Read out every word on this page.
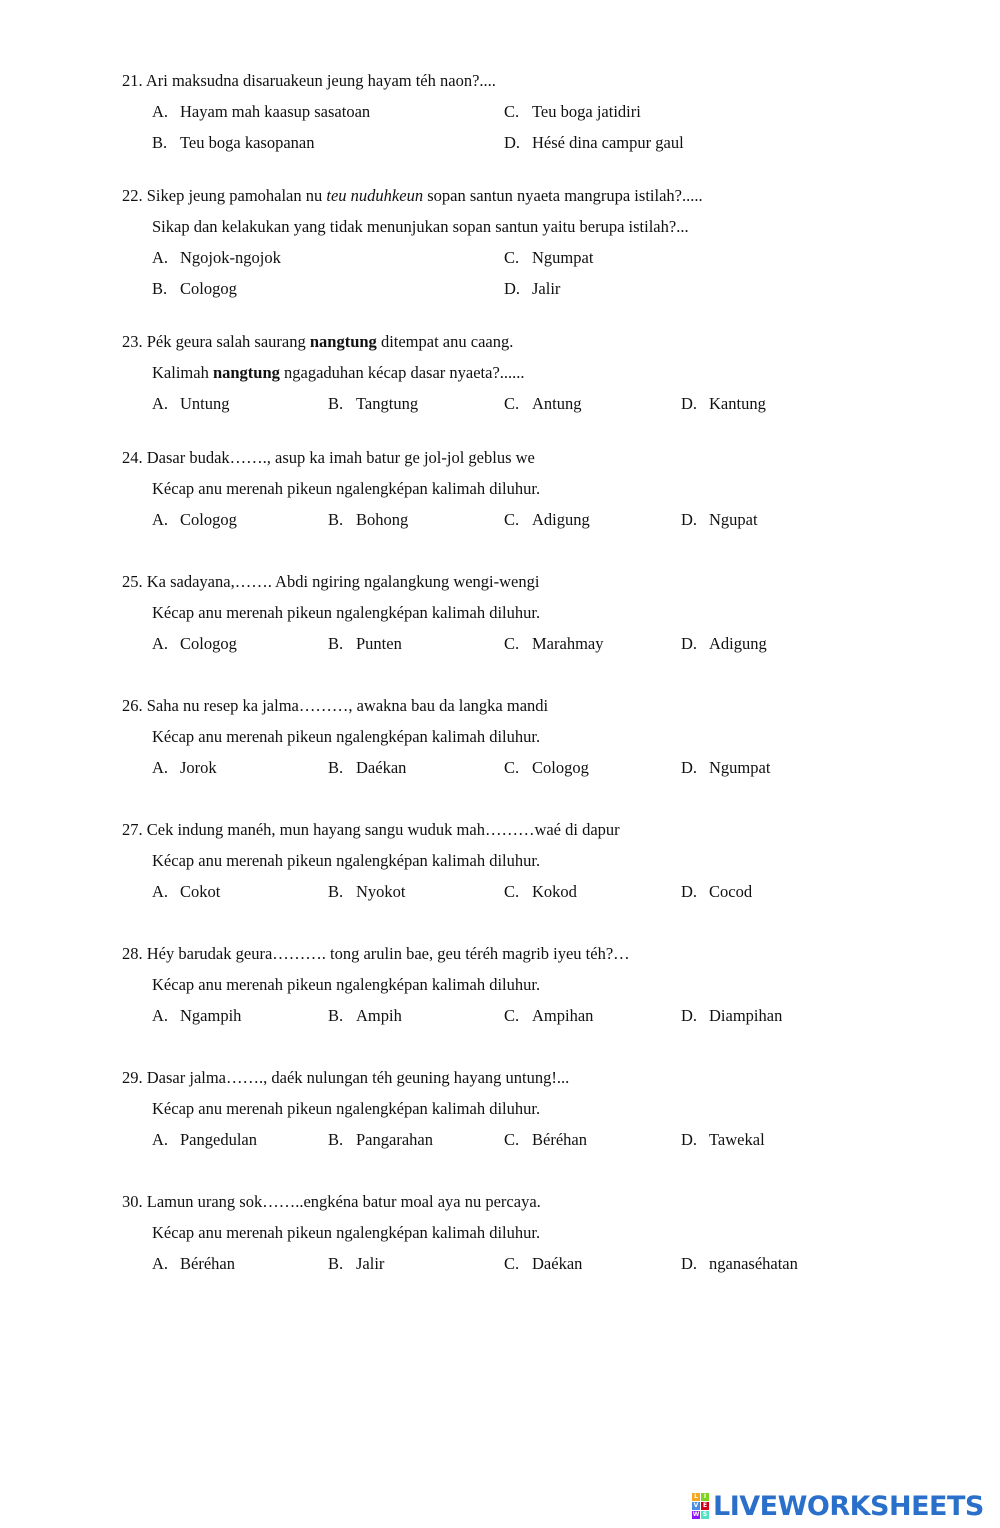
21. Ari maksudna disaruakeun jeung hayam téh naon?....
A. Hayam mah kaasup sasatoan	C. Teu boga jatidiri
B. Teu boga kasopanan	D. Hésé dina campur gaul
22. Sikep jeung pamohalan nu teu nuduhkeun sopan santun nyaeta mangrupa istilah?.....
Sikap dan kelakukan yang tidak menunjukan sopan santun yaitu berupa istilah?...
A. Ngojok-ngojok	C. Ngumpat
B. Cologog	D. Jalir
23. Pék geura salah saurang nangtung ditempat anu caang.
Kalimah nangtung ngagaduhan kécap dasar nyaeta?......
A. Untung	B. Tangtung	C. Antung	D. Kantung
24. Dasar budak……., asup ka imah batur ge jol-jol geblus we
Kécap anu merenah pikeun ngalengképan kalimah diluhur.
A. Cologog	B. Bohong	C. Adigung	D. Ngupat
25. Ka sadayana,……. Abdi ngiring ngalangkung wengi-wengi
Kécap anu merenah pikeun ngalengképan kalimah diluhur.
A. Cologog	B. Punten	C. Marahmay	D. Adigung
26. Saha nu resep ka jalma………, awakna bau da langka mandi
Kécap anu merenah pikeun ngalengképan kalimah diluhur.
A. Jorok	B. Daékan	C. Cologog	D. Ngumpat
27. Cek indung manéh, mun hayang sangu wuduk mah………waé di dapur
Kécap anu merenah pikeun ngalengképan kalimah diluhur.
A. Cokot	B. Nyokot	C. Kokod	D. Cocod
28. Héy barudak geura………. tong arulin bae, geu téréh magrib iyeu téh?…
Kécap anu merenah pikeun ngalengképan kalimah diluhur.
A. Ngampih	B. Ampih	C. Ampihan	D. Diampihan
29. Dasar jalma……., daék nulungan téh geuning hayang untung!...
Kécap anu merenah pikeun ngalengképan kalimah diluhur.
A. Pangedulan	B. Pangarahan	C. Béréhan	D. Tawekal
30. Lamun urang sok……..engkéna batur moal aya nu percaya.
Kécap anu merenah pikeun ngalengképan kalimah diluhur.
A. Béréhan	B. Jalir	C. Daékan	D. nganaséhatan
L I
V E
W S LIVEWORKSHEETS
